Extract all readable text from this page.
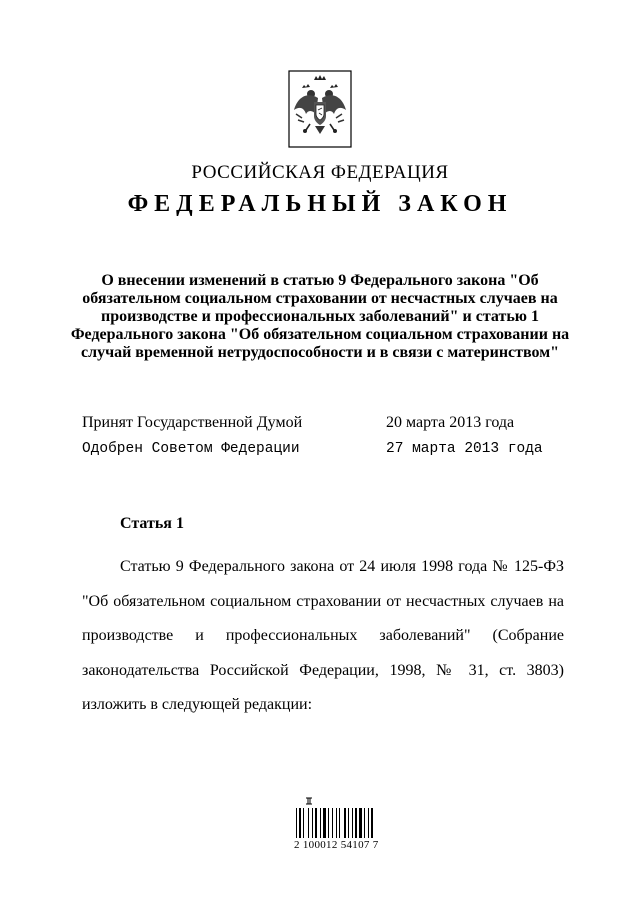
РОССИЙСКАЯ ФЕДЕРАЦИЯ
ФЕДЕРАЛЬНЫЙ ЗАКОН
О внесении изменений в статью 9 Федерального закона "Об обязательном социальном страховании от несчастных случаев на производстве и профессиональных заболеваний" и статью 1 Федерального закона "Об обязательном социальном страховании на случай временной нетрудоспособности и в связи с материнством"
Принят Государственной Думой	20 марта 2013 года
Одобрен Советом Федерации	27 марта 2013 года
Статья 1
Статью 9 Федерального закона от 24 июля 1998 года № 125-ФЗ "Об обязательном социальном страховании от несчастных случаев на производстве и профессиональных заболеваний" (Собрание законодательства Российской Федерации, 1998, № 31, ст. 3803) изложить в следующей редакции:
2 100012 54107 7
